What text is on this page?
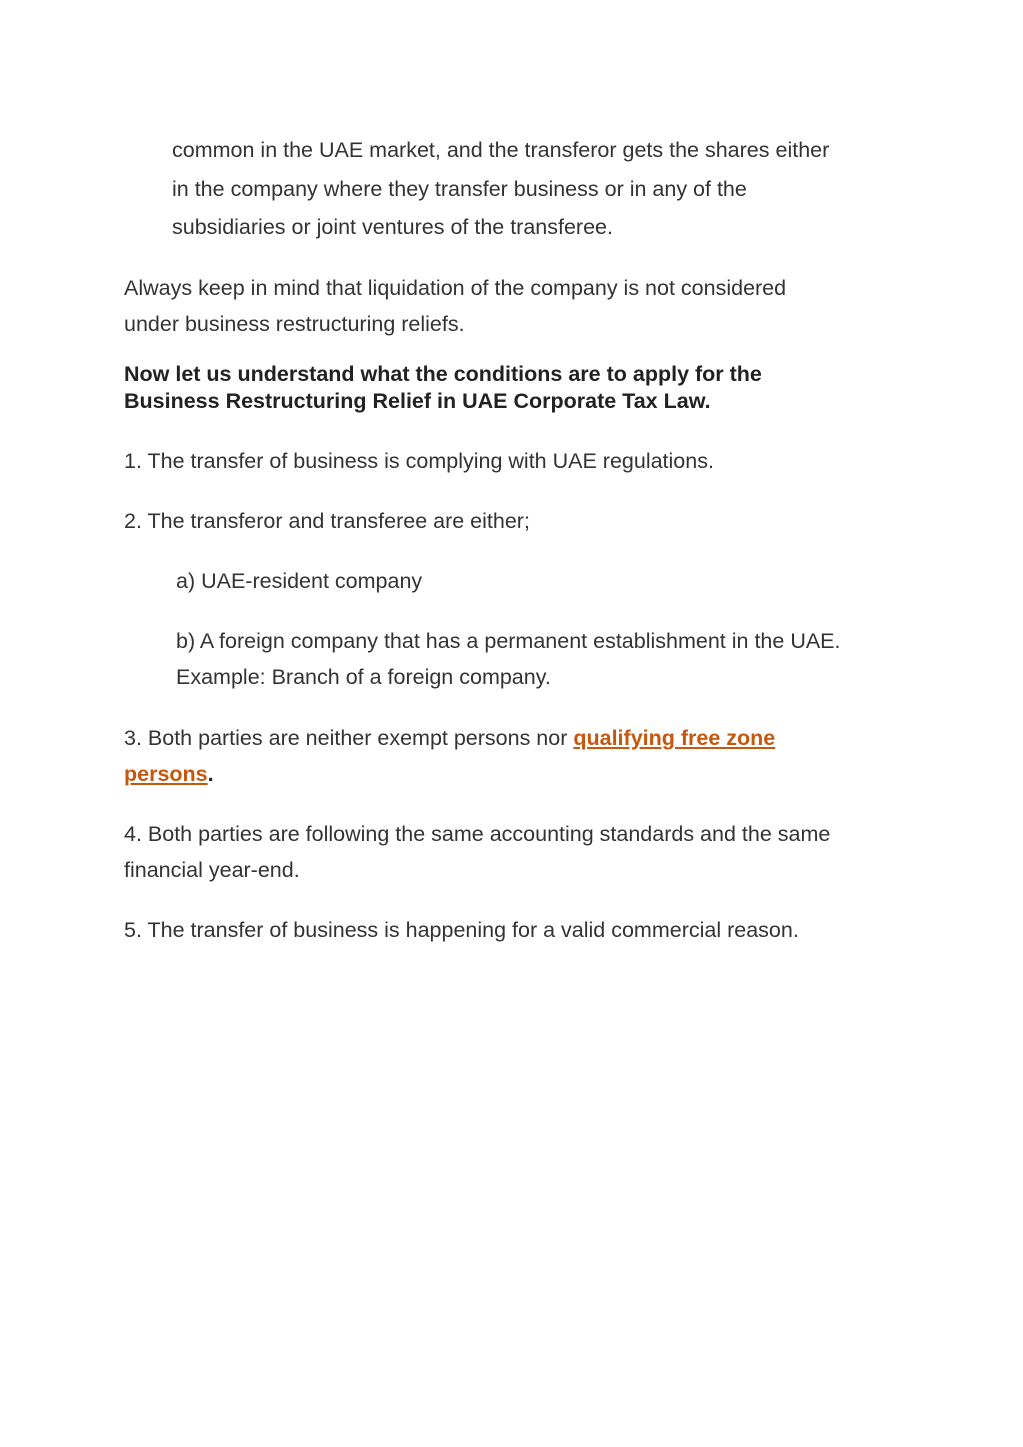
common in the UAE market, and the transferor gets the shares either
in the company where they transfer business or in any of the
subsidiaries or joint ventures of the transferee.
Always keep in mind that liquidation of the company is not considered
under business restructuring reliefs.
Now let us understand what the conditions are to apply for the
Business Restructuring Relief in UAE Corporate Tax Law.
1. The transfer of business is complying with UAE regulations.
2. The transferor and transferee are either;
a) UAE-resident company
b) A foreign company that has a permanent establishment in the UAE.
Example: Branch of a foreign company.
3. Both parties are neither exempt persons nor qualifying free zone
persons.
4. Both parties are following the same accounting standards and the same
financial year-end.
5. The transfer of business is happening for a valid commercial reason.
